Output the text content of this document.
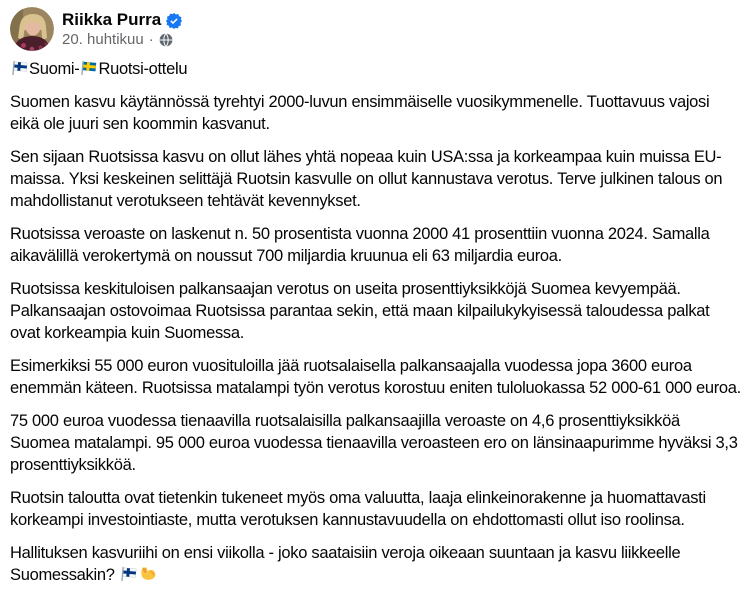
Riikka Purra
20. huhtikuu ·

Suomi- Ruotsi-ottelu

Suomen kasvu käytännössä tyrehtyi 2000-luvun ensimmäiselle vuosikymmenelle. Tuottavuus vajosi eikä ole juuri sen koommin kasvanut.

Sen sijaan Ruotsissa kasvu on ollut lähes yhtä nopeaa kuin USA:ssa ja korkeampaa kuin muissa EU-maissa. Yksi keskeinen selittäjä Ruotsin kasvulle on ollut kannustava verotus. Terve julkinen talous on mahdollistanut verotukseen tehtävät kevennykset.

Ruotsissa veroaste on laskenut n. 50 prosentista vuonna 2000 41 prosenttiin vuonna 2024. Samalla aikavälillä verokertymä on noussut 700 miljardia kruunua eli 63 miljardia euroa.

Ruotsissa keskituloisen palkansaajan verotus on useita prosenttiyksikköjä Suomea kevyempää. Palkansaajan ostovoimaa Ruotsissa parantaa sekin, että maan kilpailukykyisessä taloudessa palkat ovat korkeampia kuin Suomessa.

Esimerkiksi 55 000 euron vuosituloilla jää ruotsalaisella palkansaajalla vuodessa jopa 3600 euroa enemmän käteen. Ruotsissa matalampi työn verotus korostuu eniten tuloluokassa 52 000-61 000 euroa.

75 000 euroa vuodessa tienaavilla ruotsalaisilla palkansaajilla veroaste on 4,6 prosenttiyksikköä Suomea matalampi. 95 000 euroa vuodessa tienaavilla veroasteen ero on länsinaapurimme hyväksi 3,3 prosenttiyksikköä.

Ruotsin taloutta ovat tietenkin tukeneet myös oma valuutta, laaja elinkeinorakenne ja huomattavasti korkeampi investointiaste, mutta verotuksen kannustavuudella on ehdottomasti ollut iso roolinsa.

Hallituksen kasvuriihi on ensi viikolla - joko saataisiin veroja oikeaan suuntaan ja kasvu liikkeelle Suomessakin?
